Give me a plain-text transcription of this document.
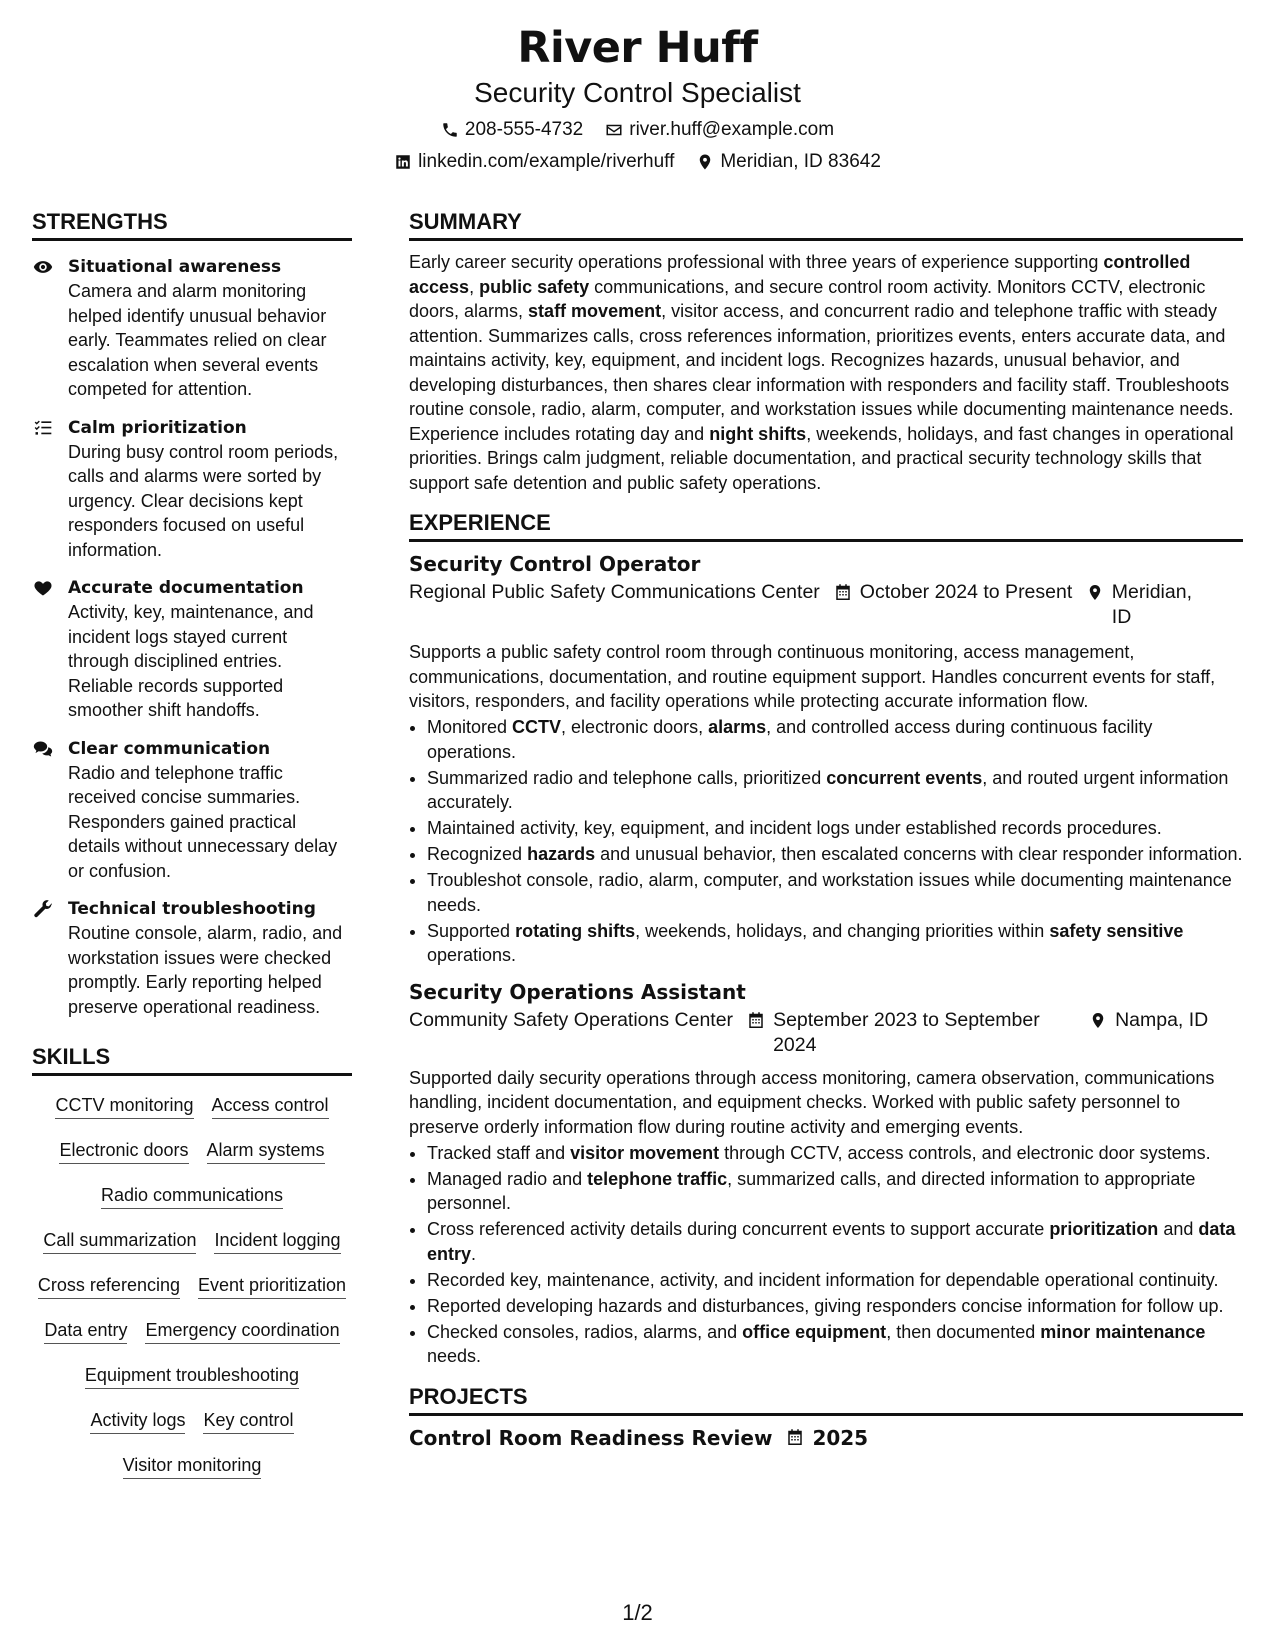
River Huff
Security Control Specialist
208-555-4732 river.huff@example.com
linkedin.com/example/riverhuff Meridian, ID 83642
STRENGTHS
Situational awareness
Camera and alarm monitoring helped identify unusual behavior early. Teammates relied on clear escalation when several events competed for attention.
Calm prioritization
During busy control room periods, calls and alarms were sorted by urgency. Clear decisions kept responders focused on useful information.
Accurate documentation
Activity, key, maintenance, and incident logs stayed current through disciplined entries. Reliable records supported smoother shift handoffs.
Clear communication
Radio and telephone traffic received concise summaries. Responders gained practical details without unnecessary delay or confusion.
Technical troubleshooting
Routine console, alarm, radio, and workstation issues were checked promptly. Early reporting helped preserve operational readiness.
SKILLS
CCTV monitoring Access control
Electronic doors Alarm systems
Radio communications
Call summarization Incident logging
Cross referencing Event prioritization
Data entry Emergency coordination
Equipment troubleshooting
Activity logs Key control
Visitor monitoring
SUMMARY
Early career security operations professional with three years of experience supporting controlled access, public safety communications, and secure control room activity. Monitors CCTV, electronic doors, alarms, staff movement, visitor access, and concurrent radio and telephone traffic with steady attention. Summarizes calls, cross references information, prioritizes events, enters accurate data, and maintains activity, key, equipment, and incident logs. Recognizes hazards, unusual behavior, and developing disturbances, then shares clear information with responders and facility staff. Troubleshoots routine console, radio, alarm, computer, and workstation issues while documenting maintenance needs. Experience includes rotating day and night shifts, weekends, holidays, and fast changes in operational priorities. Brings calm judgment, reliable documentation, and practical security technology skills that support safe detention and public safety operations.
EXPERIENCE
Security Control Operator
Regional Public Safety Communications Center October 2024 to Present Meridian, ID
Supports a public safety control room through continuous monitoring, access management, communications, documentation, and routine equipment support. Handles concurrent events for staff, visitors, responders, and facility operations while protecting accurate information flow.
• Monitored CCTV, electronic doors, alarms, and controlled access during continuous facility operations.
• Summarized radio and telephone calls, prioritized concurrent events, and routed urgent information accurately.
• Maintained activity, key, equipment, and incident logs under established records procedures.
• Recognized hazards and unusual behavior, then escalated concerns with clear responder information.
• Troubleshot console, radio, alarm, computer, and workstation issues while documenting maintenance needs.
• Supported rotating shifts, weekends, holidays, and changing priorities within safety sensitive operations.
Security Operations Assistant
Community Safety Operations Center September 2023 to September 2024
Nampa, ID
Supported daily security operations through access monitoring, camera observation, communications handling, incident documentation, and equipment checks. Worked with public safety personnel to preserve orderly information flow during routine activity and emerging events.
• Tracked staff and visitor movement through CCTV, access controls, and electronic door systems.
• Managed radio and telephone traffic, summarized calls, and directed information to appropriate personnel.
• Cross referenced activity details during concurrent events to support accurate prioritization and data entry.
• Recorded key, maintenance, activity, and incident information for dependable operational continuity.
• Reported developing hazards and disturbances, giving responders concise information for follow up.
• Checked consoles, radios, alarms, and office equipment, then documented minor maintenance needs.
PROJECTS
Control Room Readiness Review 2025
1/2
